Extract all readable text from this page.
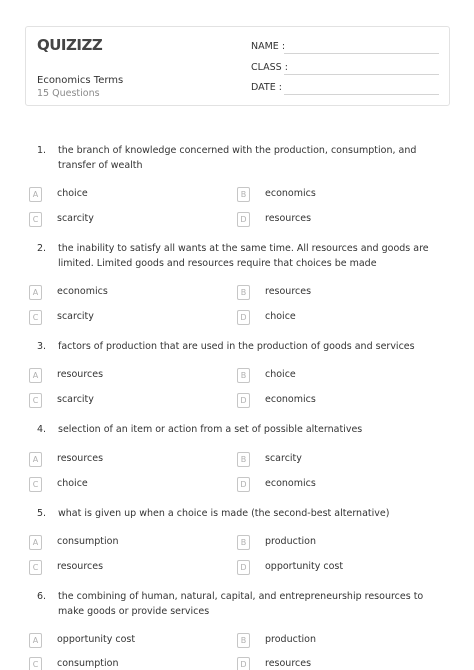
QUIZIZZ
Economics Terms
15 Questions
NAME :
CLASS :
DATE :
1. the branch of knowledge concerned with the production, consumption, and transfer of wealth
A	choice	B	economics
C	scarcity	D	resources
2. the inability to satisfy all wants at the same time. All resources and goods are limited. Limited goods and resources require that choices be made
A	economics	B	resources
C	scarcity	D	choice
3. factors of production that are used in the production of goods and services
A	resources	B	choice
C	scarcity	D	economics
4. selection of an item or action from a set of possible alternatives
A	resources	B	scarcity
C	choice	D	economics
5. what is given up when a choice is made (the second-best alternative)
A	consumption	B	production
C	resources	D	opportunity cost
6. the combining of human, natural, capital, and entrepreneurship resources to make goods or provide services
A	opportunity cost	B	production
C	consumption	D	resources
